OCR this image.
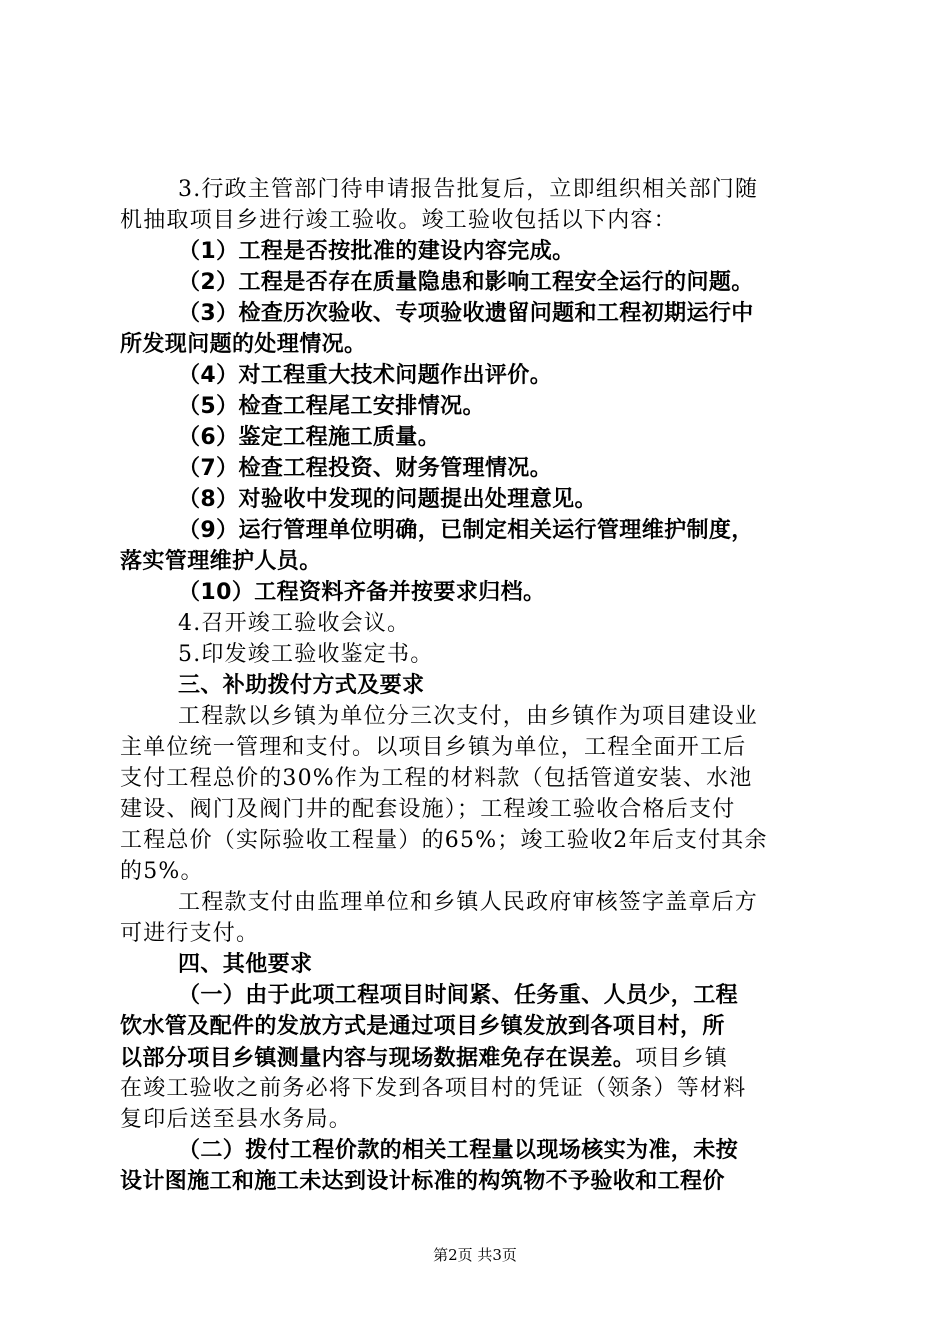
3.行政主管部门待申请报告批复后，立即组织相关部门随
机抽取项目乡进行竣工验收。竣工验收包括以下内容：
（1）工程是否按批准的建设内容完成。
（2）工程是否存在质量隐患和影响工程安全运行的问题。
（3）检查历次验收、专项验收遗留问题和工程初期运行中
所发现问题的处理情况。
（4）对工程重大技术问题作出评价。
（5）检查工程尾工安排情况。
（6）鉴定工程施工质量。
（7）检查工程投资、财务管理情况。
（8）对验收中发现的问题提出处理意见。
（9）运行管理单位明确，已制定相关运行管理维护制度，
落实管理维护人员。
（10）工程资料齐备并按要求归档。
4.召开竣工验收会议。
5.印发竣工验收鉴定书。
三、补助拨付方式及要求
工程款以乡镇为单位分三次支付，由乡镇作为项目建设业
主单位统一管理和支付。以项目乡镇为单位，工程全面开工后
支付工程总价的30%作为工程的材料款（包括管道安装、水池
建设、阀门及阀门井的配套设施）；工程竣工验收合格后支付
工程总价（实际验收工程量）的65%；竣工验收2年后支付其余
的5%。
工程款支付由监理单位和乡镇人民政府审核签字盖章后方
可进行支付。
四、其他要求
（一）由于此项工程项目时间紧、任务重、人员少，工程
饮水管及配件的发放方式是通过项目乡镇发放到各项目村，所
以部分项目乡镇测量内容与现场数据难免存在误差。项目乡镇
在竣工验收之前务必将下发到各项目村的凭证（领条）等材料
复印后送至县水务局。
（二）拨付工程价款的相关工程量以现场核实为准，未按
设计图施工和施工未达到设计标准的构筑物不予验收和工程价
第2页 共3页
